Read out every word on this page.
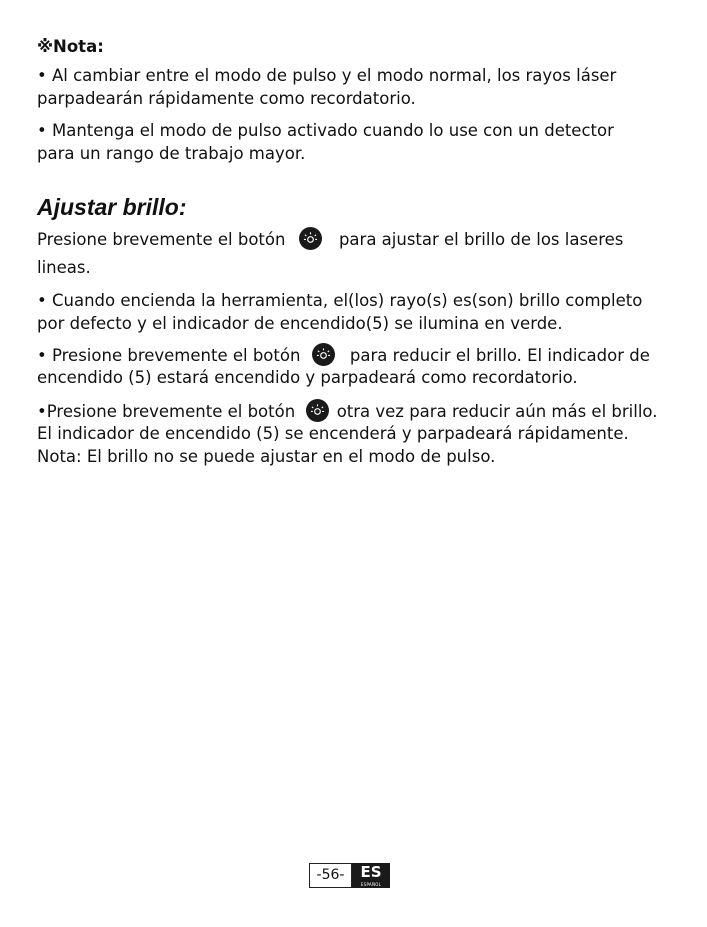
※Nota:

• Al cambiar entre el modo de pulso y el modo normal, los rayos láser

parpadearán rápidamente como recordatorio.

• Mantenga el modo de pulso activado cuando lo use con un detector

para un rango de trabajo mayor.

Ajustar brillo:

Presione brevemente el botón	para ajustar el brillo de los laseres

lineas.

• Cuando encienda la herramienta, el(los) rayo(s) es(son) brillo completo

por defecto y el indicador de encendido(5) se ilumina en verde.

• Presione brevemente el botón	para reducir el brillo. El indicador de

encendido (5) estará encendido y parpadeará como recordatorio.

•Presione brevemente el botón	otra vez para reducir aún más el brillo.

El indicador de encendido (5) se encenderá y parpadeará rápidamente.

Nota: El brillo no se puede ajustar en el modo de pulso.

-56-	ES
ESPAÑOL
